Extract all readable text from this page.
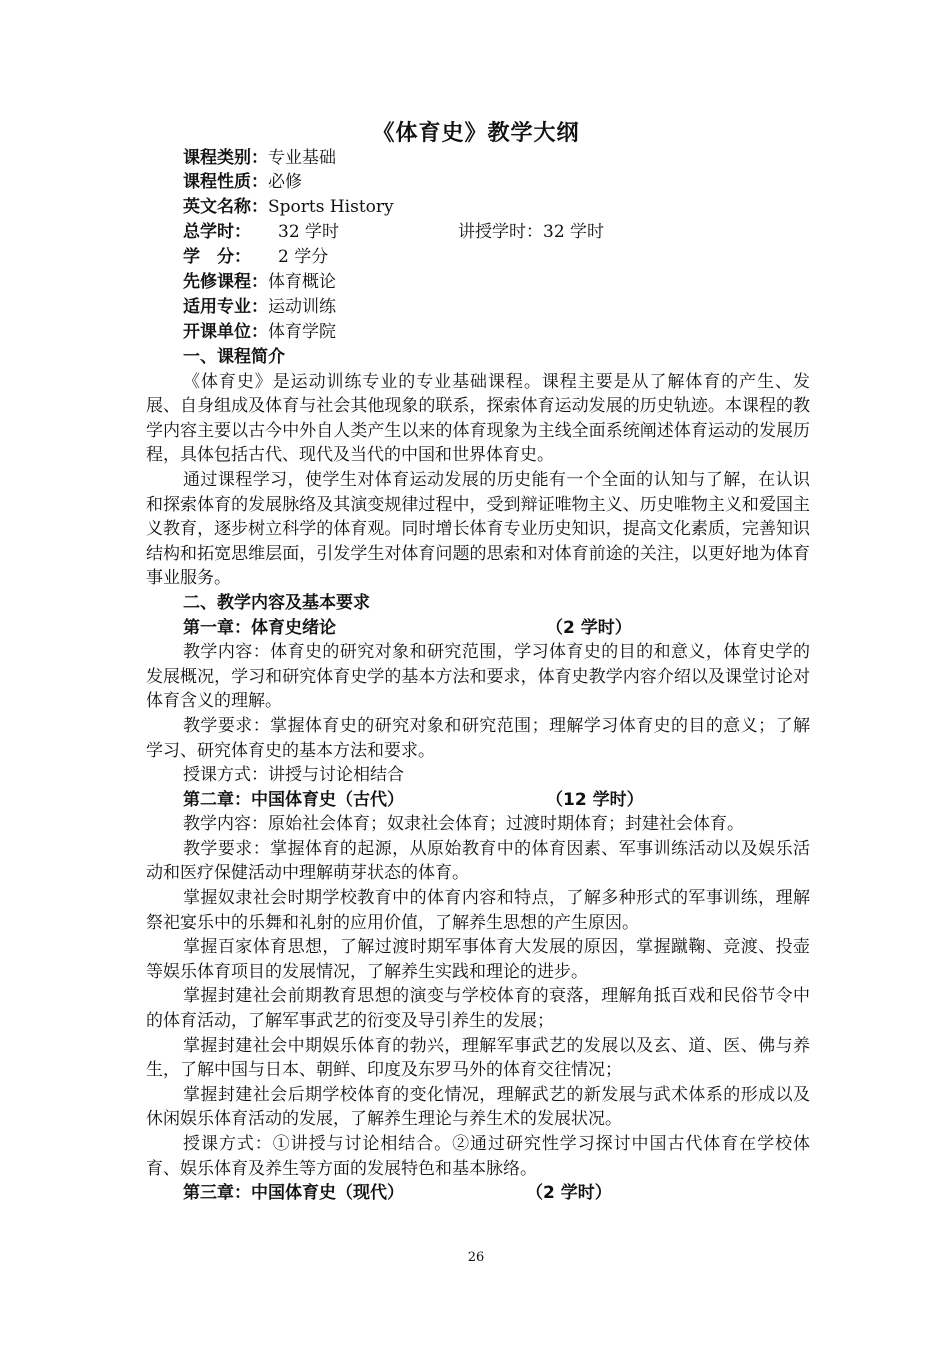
《体育史》教学大纲
课程类别：专业基础
课程性质：必修
英文名称：Sports History
总学时： 32 学时	讲授学时：32 学时
学　分： 2 学分
先修课程：体育概论
适用专业：运动训练
开课单位：体育学院

一、课程简介

《体育史》是运动训练专业的专业基础课程。课程主要是从了解体育的产生、发展、自身组成及体育与社会其他现象的联系，探索体育运动发展的历史轨迹。本课程的教学内容主要以古今中外自人类产生以来的体育现象为主线全面系统阐述体育运动的发展历程，具体包括古代、现代及当代的中国和世界体育史。

通过课程学习，使学生对体育运动发展的历史能有一个全面的认知与了解，在认识和探索体育的发展脉络及其演变规律过程中，受到辩证唯物主义、历史唯物主义和爱国主义教育，逐步树立科学的体育观。同时增长体育专业历史知识，提高文化素质，完善知识结构和拓宽思维层面，引发学生对体育问题的思索和对体育前途的关注，以更好地为体育事业服务。

二、教学内容及基本要求

第一章：体育史绪论	（2 学时）

教学内容：体育史的研究对象和研究范围，学习体育史的目的和意义，体育史学的发展概况，学习和研究体育史学的基本方法和要求，体育史教学内容介绍以及课堂讨论对体育含义的理解。

教学要求：掌握体育史的研究对象和研究范围；理解学习体育史的目的意义；了解学习、研究体育史的基本方法和要求。

授课方式：讲授与讨论相结合

第二章：中国体育史（古代）	（12 学时）

教学内容：原始社会体育；奴隶社会体育；过渡时期体育；封建社会体育。

教学要求：掌握体育的起源，从原始教育中的体育因素、军事训练活动以及娱乐活动和医疗保健活动中理解萌芽状态的体育。

掌握奴隶社会时期学校教育中的体育内容和特点，了解多种形式的军事训练，理解祭祀宴乐中的乐舞和礼射的应用价值，了解养生思想的产生原因。

掌握百家体育思想，了解过渡时期军事体育大发展的原因，掌握蹴鞠、竞渡、投壶等娱乐体育项目的发展情况，了解养生实践和理论的进步。

掌握封建社会前期教育思想的演变与学校体育的衰落，理解角抵百戏和民俗节令中的体育活动，了解军事武艺的衍变及导引养生的发展；

掌握封建社会中期娱乐体育的勃兴，理解军事武艺的发展以及玄、道、医、佛与养生，了解中国与日本、朝鲜、印度及东罗马外的体育交往情况；

掌握封建社会后期学校体育的变化情况，理解武艺的新发展与武术体系的形成以及休闲娱乐体育活动的发展，了解养生理论与养生术的发展状况。

授课方式：①讲授与讨论相结合。②通过研究性学习探讨中国古代体育在学校体育、娱乐体育及养生等方面的发展特色和基本脉络。

第三章：中国体育史（现代）	（2 学时）

26
